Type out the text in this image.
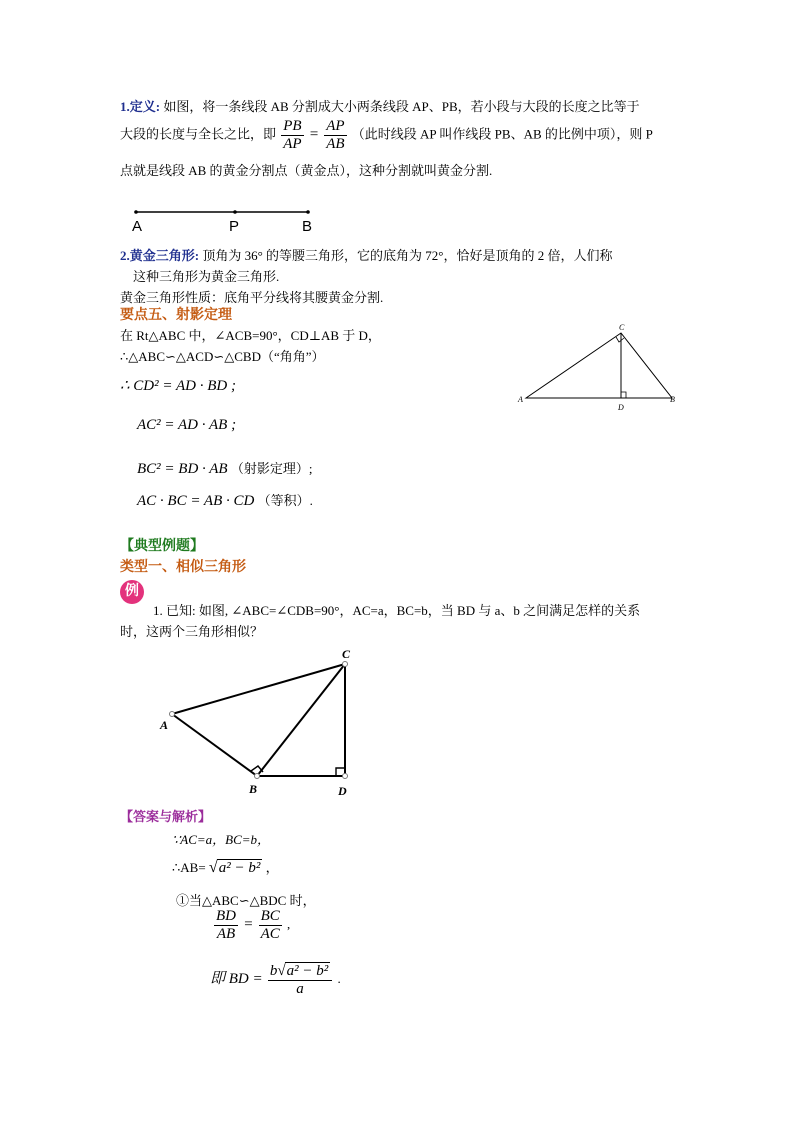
1.定义: 如图，将一条线段 AB 分割成大小两条线段 AP、PB，若小段与大段的长度之比等于
大段的长度与全长之比，即 $\frac{PB}{AP} = \frac{AP}{AB}$ （此时线段 AP 叫作线段 PB、AB 的比例中项），则 P
点就是线段 AB 的黄金分割点（黄金点），这种分割就叫黄金分割.
A	P	B
2.黄金三角形: 顶角为 36° 的等腰三角形，它的底角为 72°，恰好是顶角的 2 倍，人们称
这种三角形为黄金三角形.
黄金三角形性质：底角平分线将其腰黄金分割.
要点五、射影定理
在 Rt△ABC 中，∠ACB=90°，CD⊥AB 于 D，
∴△ABC∽△ACD∽△CBD（“角角”）
∴ CD² = AD · BD ;
AC² = AD · AB ;
BC² = BD · AB （射影定理）;
AC · BC = AB · CD （等积）.
A	B
C
D
【典型例题】
类型一、相似三角形
例
1. 已知: 如图, ∠ABC=∠CDB=90°，AC=a，BC=b，当 BD 与 a、b 之间满足怎样的关系
时，这两个三角形相似？
A
B
C
D
【答案与解析】
∵AC=a，BC=b，
∴AB= √a² − b² ，
①当△ABC∽△BDC 时，
$\frac{BD}{AB} = \frac{BC}{AC}$ ,
即 BD = $\frac{\text{b√a² − b²}}{a}$ .
